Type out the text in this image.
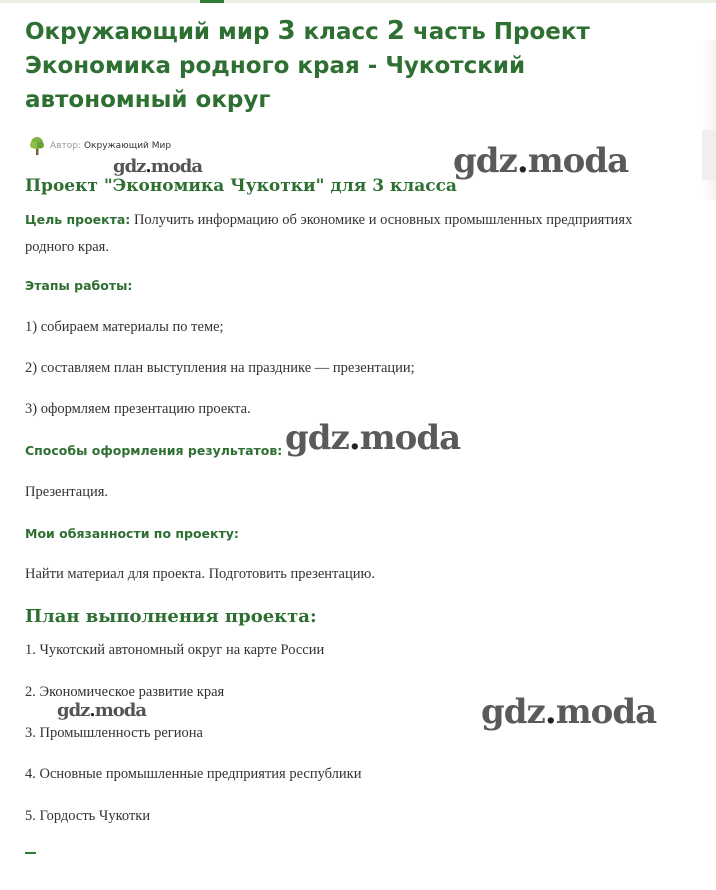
Окружающий мир 3 класс 2 часть Проект Экономика родного края - Чукотский автономный округ
Автор: Окружающий Мир
Проект "Экономика Чукотки" для 3 класса

Цель проекта: Получить информацию об экономике и основных промышленных предприятиях родного края.

Этапы работы:

1) собираем материалы по теме;

2) составляем план выступления на празднике — презентации;

3) оформляем презентацию проекта.

Способы оформления результатов:

Презентация.

Мои обязанности по проекту:

Найти материал для проекта. Подготовить презентацию.

План выполнения проекта:

1. Чукотский автономный округ на карте России

2. Экономическое развитие края

3. Промышленность региона

4. Основные промышленные предприятия республики

5. Гордость Чукотки

gdz.moda
gdz.moda
gdz.moda
gdz.moda
gdz.moda
